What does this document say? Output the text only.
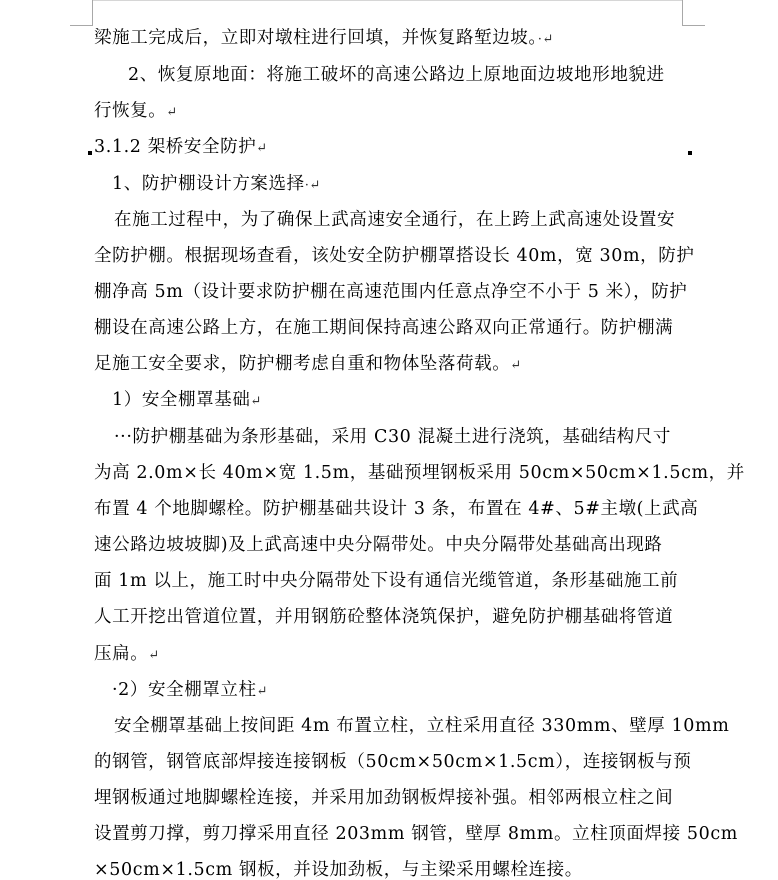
梁施工完成后，立即对墩柱进行回填，并恢复路堑边坡。·↵
2、恢复原地面：将施工破坏的高速公路边上原地面边坡地形地貌进
行恢复。↵
3.1.2 架桥安全防护↵
1、防护棚设计方案选择·↵
在施工过程中，为了确保上武高速安全通行，在上跨上武高速处设置安
全防护棚。根据现场查看，该处安全防护棚罩搭设长 40m，宽 30m，防护
棚净高 5m（设计要求防护棚在高速范围内任意点净空不小于 5 米），防护
棚设在高速公路上方，在施工期间保持高速公路双向正常通行。防护棚满
足施工安全要求，防护棚考虑自重和物体坠落荷载。↵
1）安全棚罩基础↵
···防护棚基础为条形基础，采用 C30 混凝土进行浇筑，基础结构尺寸
为高 2.0m×长 40m×宽 1.5m，基础预埋钢板采用 50cm×50cm×1.5cm，并
布置 4 个地脚螺栓。防护棚基础共设计 3 条，布置在 4#、5#主墩(上武高
速公路边坡坡脚)及上武高速中央分隔带处。中央分隔带处基础高出现路
面 1m 以上，施工时中央分隔带处下设有通信光缆管道，条形基础施工前
人工开挖出管道位置，并用钢筋砼整体浇筑保护，避免防护棚基础将管道
压扁。↵
·2）安全棚罩立柱↵
安全棚罩基础上按间距 4m 布置立柱，立柱采用直径 330mm、壁厚 10mm
的钢管，钢管底部焊接连接钢板（50cm×50cm×1.5cm），连接钢板与预
埋钢板通过地脚螺栓连接，并采用加劲钢板焊接补强。相邻两根立柱之间
设置剪刀撑，剪刀撑采用直径 203mm 钢管，壁厚 8mm。立柱顶面焊接 50cm
×50cm×1.5cm 钢板，并设加劲板，与主梁采用螺栓连接。
